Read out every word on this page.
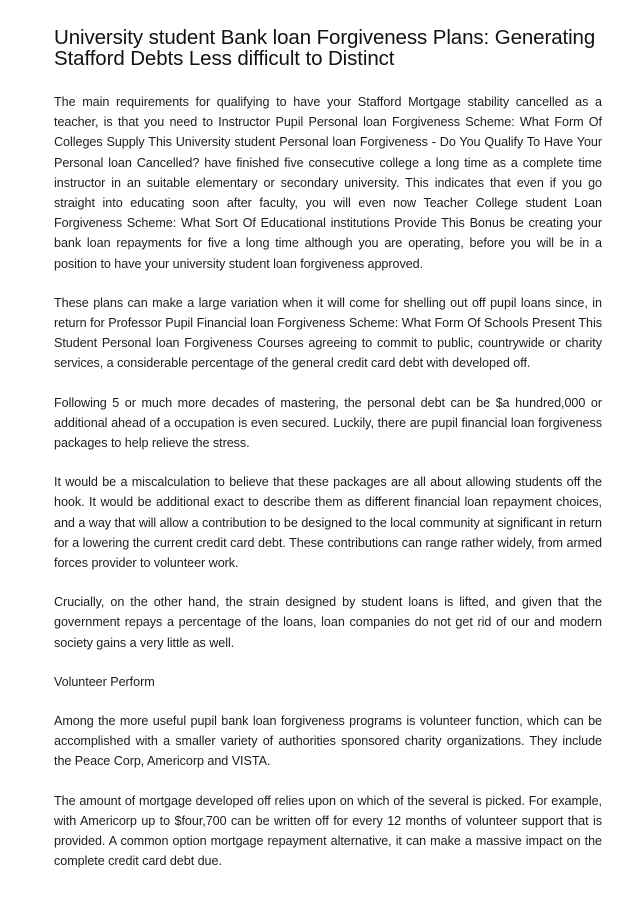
University student Bank loan Forgiveness Plans: Generating Stafford Debts Less difficult to Distinct

The main requirements for qualifying to have your Stafford Mortgage stability cancelled as a teacher, is that you need to Instructor Pupil Personal loan Forgiveness Scheme: What Form Of Colleges Supply This University student Personal loan Forgiveness - Do You Qualify To Have Your Personal loan Cancelled? have finished five consecutive college a long time as a complete time instructor in an suitable elementary or secondary university. This indicates that even if you go straight into educating soon after faculty, you will even now Teacher College student Loan Forgiveness Scheme: What Sort Of Educational institutions Provide This Bonus be creating your bank loan repayments for five a long time although you are operating, before you will be in a position to have your university student loan forgiveness approved.

These plans can make a large variation when it will come for shelling out off pupil loans since, in return for Professor Pupil Financial loan Forgiveness Scheme: What Form Of Schools Present This Student Personal loan Forgiveness Courses agreeing to commit to public, countrywide or charity services, a considerable percentage of the general credit card debt with developed off.

Following 5 or much more decades of mastering, the personal debt can be $a hundred,000 or additional ahead of a occupation is even secured. Luckily, there are pupil financial loan forgiveness packages to help relieve the stress.

It would be a miscalculation to believe that these packages are all about allowing students off the hook. It would be additional exact to describe them as different financial loan repayment choices, and a way that will allow a contribution to be designed to the local community at significant in return for a lowering the current credit card debt. These contributions can range rather widely, from armed forces provider to volunteer work.

Crucially, on the other hand, the strain designed by student loans is lifted, and given that the government repays a percentage of the loans, loan companies do not get rid of our and modern society gains a very little as well.

Volunteer Perform

Among the more useful pupil bank loan forgiveness programs is volunteer function, which can be accomplished with a smaller variety of authorities sponsored charity organizations. They include the Peace Corp, Americorp and VISTA.

The amount of mortgage developed off relies upon on which of the several is picked. For example, with Americorp up to $four,700 can be written off for every 12 months of volunteer support that is provided. A common option mortgage repayment alternative, it can make a massive impact on the complete credit card debt due.
